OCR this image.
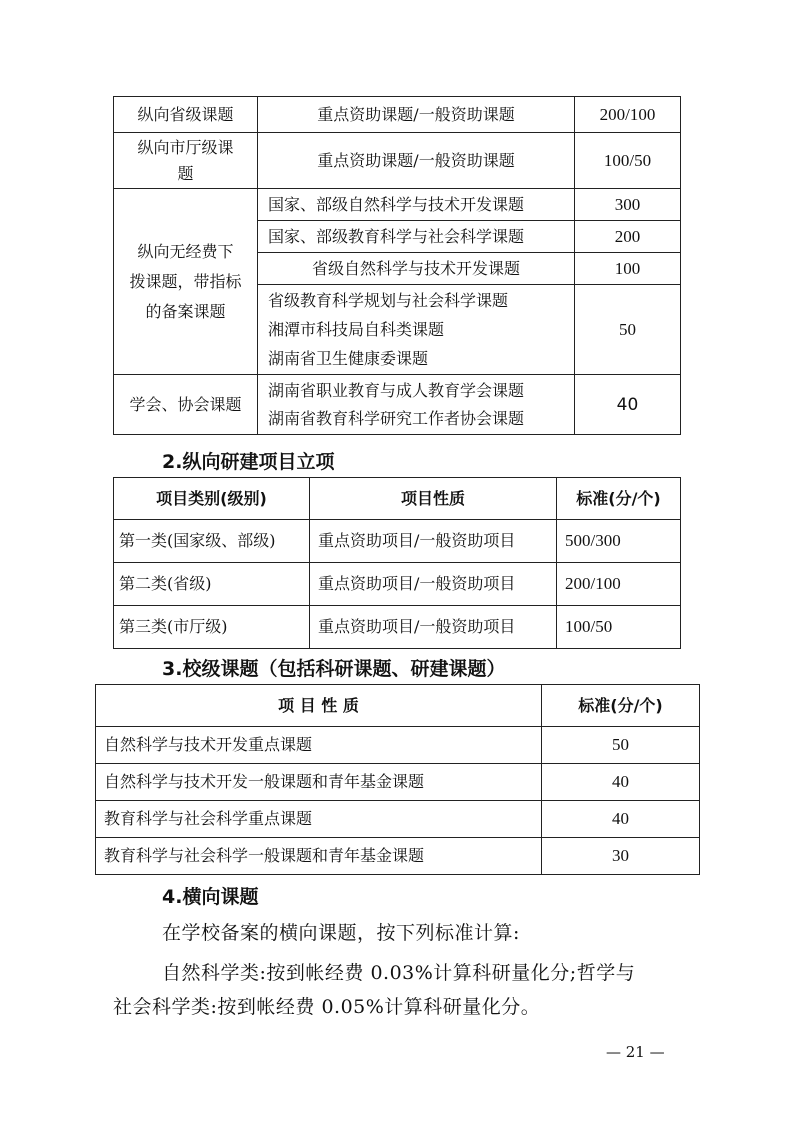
纵向省级课题	重点资助课题/一般资助课题	200/100

纵向市厅级课
题	重点资助课题/一般资助课题	100/50

纵向无经费下
拨课题，带指标
的备案课题	国家、部级自然科学与技术开发课题	300
	国家、部级教育科学与社会科学课题	200
	省级自然科学与技术开发课题	100

	省级教育科学规划与社会科学课题
湘潭市科技局自科类课题
湖南省卫生健康委课题	50
学会、协会课题	湖南省职业教育与成人教育学会课题
湖南省教育科学研究工作者协会课题	40
2.纵向研建项目立项
项目类别(级别)	项目性质	标准(分/个)
第一类(国家级、部级)	重点资助项目/一般资助项目	500/300
第二类(省级)	重点资助项目/一般资助项目	200/100
第三类(市厅级)	重点资助项目/一般资助项目	100/50
3.校级课题（包括科研课题、研建课题）
项 目 性 质	标准(分/个)
自然科学与技术开发重点课题	50
自然科学与技术开发一般课题和青年基金课题	40
教育科学与社会科学重点课题	40
教育科学与社会科学一般课题和青年基金课题	30
4.横向课题
在学校备案的横向课题，按下列标准计算:
自然科学类:按到帐经费 0.03%计算科研量化分;哲学与
社会科学类:按到帐经费 0.05%计算科研量化分。
— 21 —
